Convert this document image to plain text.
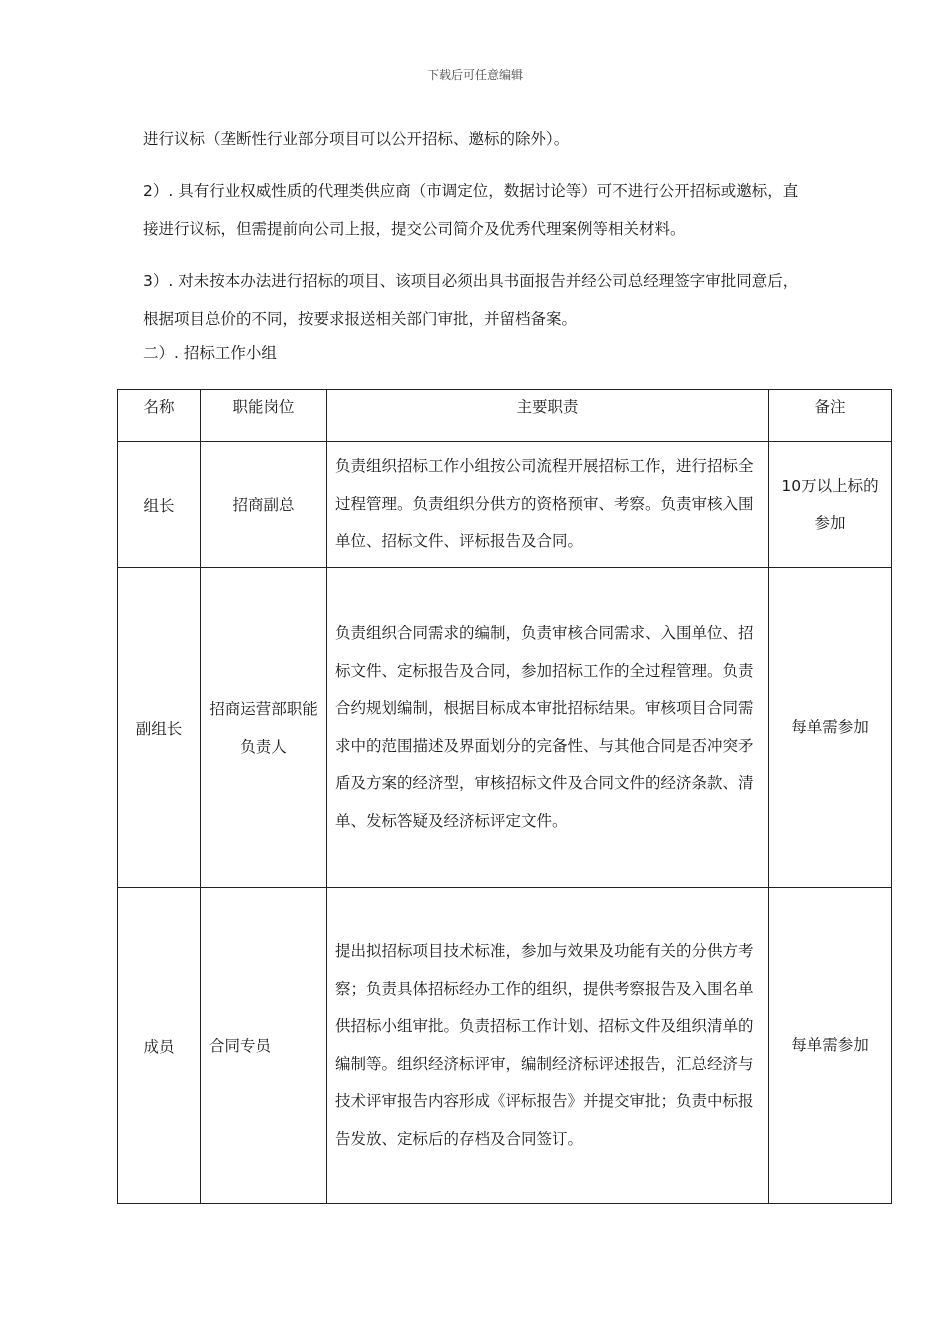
下载后可任意编辑

进行议标（垄断性行业部分项目可以公开招标、邀标的除外）。

2）. 具有行业权威性质的代理类供应商（市调定位，数据讨论等）可不进行公开招标或邀标，直接进行议标，但需提前向公司上报，提交公司简介及优秀代理案例等相关材料。

3）. 对未按本办法进行招标的项目、该项目必须出具书面报告并经公司总经理签字审批同意后，根据项目总价的不同，按要求报送相关部门审批，并留档备案。

二）. 招标工作小组

名称	职能岗位	主要职责	备注
组长	招商副总	负责组织招标工作小组按公司流程开展招标工作，进行招标全过程管理。负责组织分供方的资格预审、考察。负责审核入围单位、招标文件、评标报告及合同。	10万以上标的参加
副组长	招商运营部职能负责人	负责组织合同需求的编制，负责审核合同需求、入围单位、招标文件、定标报告及合同，参加招标工作的全过程管理。负责合约规划编制，根据目标成本审批招标结果。审核项目合同需求中的范围描述及界面划分的完备性、与其他合同是否冲突矛盾及方案的经济型，审核招标文件及合同文件的经济条款、清单、发标答疑及经济标评定文件。	每单需参加
成员	合同专员	提出拟招标项目技术标准，参加与效果及功能有关的分供方考察；负责具体招标经办工作的组织，提供考察报告及入围名单供招标小组审批。负责招标工作计划、招标文件及组织清单的编制等。组织经济标评审，编制经济标评述报告，汇总经济与技术评审报告内容形成《评标报告》并提交审批；负责中标报告发放、定标后的存档及合同签订。	每单需参加
